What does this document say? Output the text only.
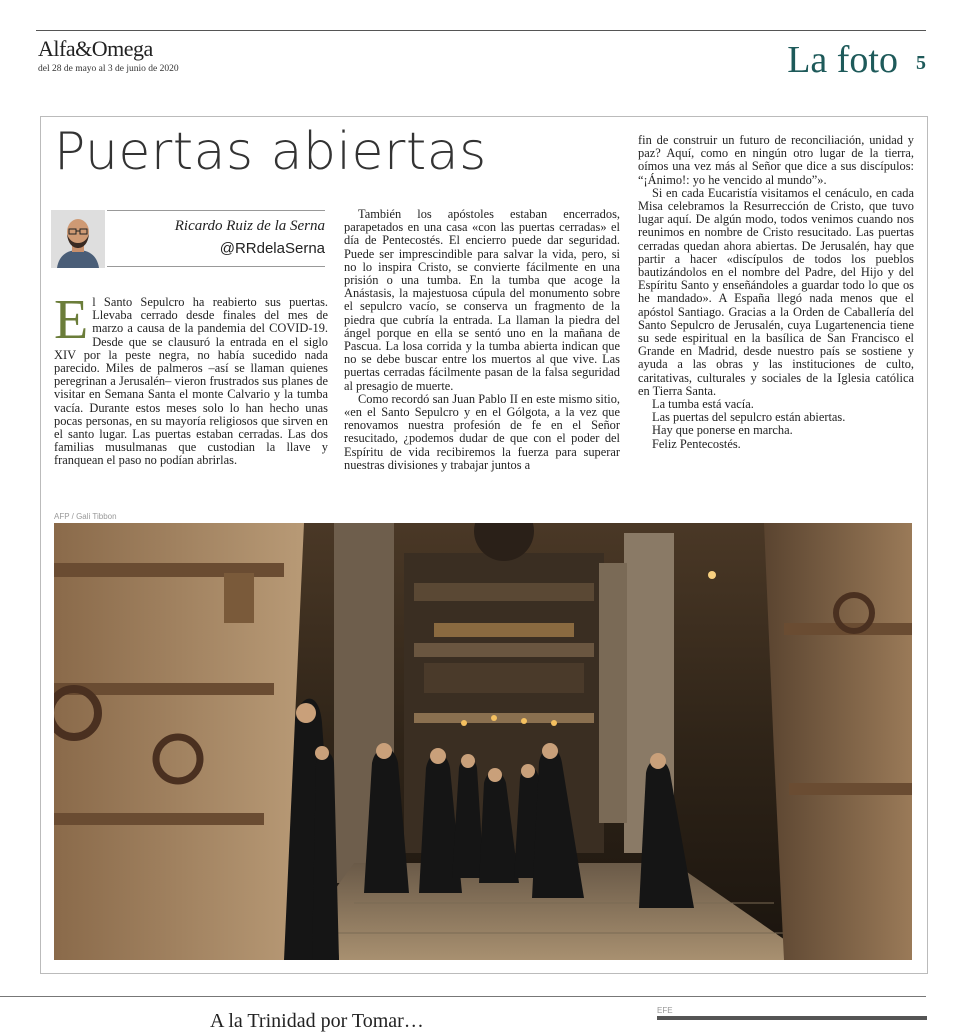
Alfa&Omega
del 28 de mayo al 3 de junio de 2020	La foto 5
Puertas abiertas
Ricardo Ruiz de la Serna
@RRdelaSerna
E l Santo Sepulcro ha reabierto sus puertas. Llevaba cerrado desde finales del mes de marzo a causa de la pandemia del COVID-19. Desde que se clausuró la entrada en el siglo XIV por la peste negra, no había sucedido nada parecido. Miles de palmeros –así se llaman quienes peregrinan a Jerusalén– vieron frustrados sus planes de visitar en Semana Santa el monte Calvario y la tumba vacía. Durante estos meses solo lo han hecho unas pocas personas, en su mayoría religiosos que sirven en el santo lugar. Las puertas estaban cerradas. Las dos familias musulmanas que custodian la llave y franquean el paso no podían abrirlas.

También los apóstoles estaban encerrados, parapetados en una casa «con las puertas cerradas» el día de Pentecostés. El encierro puede dar seguridad. Puede ser imprescindible para salvar la vida, pero, si no lo inspira Cristo, se convierte fácilmente en una prisión o una tumba. En la tumba que acoge la Anástasis, la majestuosa cúpula del monumento sobre el sepulcro vacío, se conserva un fragmento de la piedra que cubría la entrada. La llaman la piedra del ángel porque en ella se sentó uno en la mañana de Pascua. La losa corrida y la tumba abierta indican que no se debe buscar entre los muertos al que vive. Las puertas cerradas fácilmente pasan de la falsa seguridad al presagio de muerte.

Como recordó san Juan Pablo II en este mismo sitio, «en el Santo Sepulcro y en el Gólgota, a la vez que renovamos nuestra profesión de fe en el Señor resucitado, ¿podemos dudar de que con el poder del Espíritu de vida recibiremos la fuerza para superar nuestras divisiones y trabajar juntos a

fin de construir un futuro de reconciliación, unidad y paz? Aquí, como en ningún otro lugar de la tierra, oímos una vez más al Señor que dice a sus discípulos: “¡Ánimo!: yo he vencido al mundo”».

Si en cada Eucaristía visitamos el cenáculo, en cada Misa celebramos la Resurrección de Cristo, que tuvo lugar aquí. De algún modo, todos venimos cuando nos reunimos en nombre de Cristo resucitado. Las puertas cerradas quedan ahora abiertas. De Jerusalén, hay que partir a hacer «discípulos de todos los pueblos bautizándolos en el nombre del Padre, del Hijo y del Espíritu Santo y enseñándoles a guardar todo lo que os he mandado». A España llegó nada menos que el apóstol Santiago. Gracias a la Orden de Caballería del Santo Sepulcro de Jerusalén, cuya Lugartenencia tiene su sede espiritual en la basílica de San Francisco el Grande en Madrid, desde nuestro país se sostiene y ayuda a las obras y las instituciones de culto, caritativas, culturales y sociales de la Iglesia católica en Tierra Santa.

La tumba está vacía.

Las puertas del sepulcro están abiertas.

Hay que ponerse en marcha.

Feliz Pentecostés.

AFP / Gali Tibbon
A la Trinidad por Tomar…	EFE
